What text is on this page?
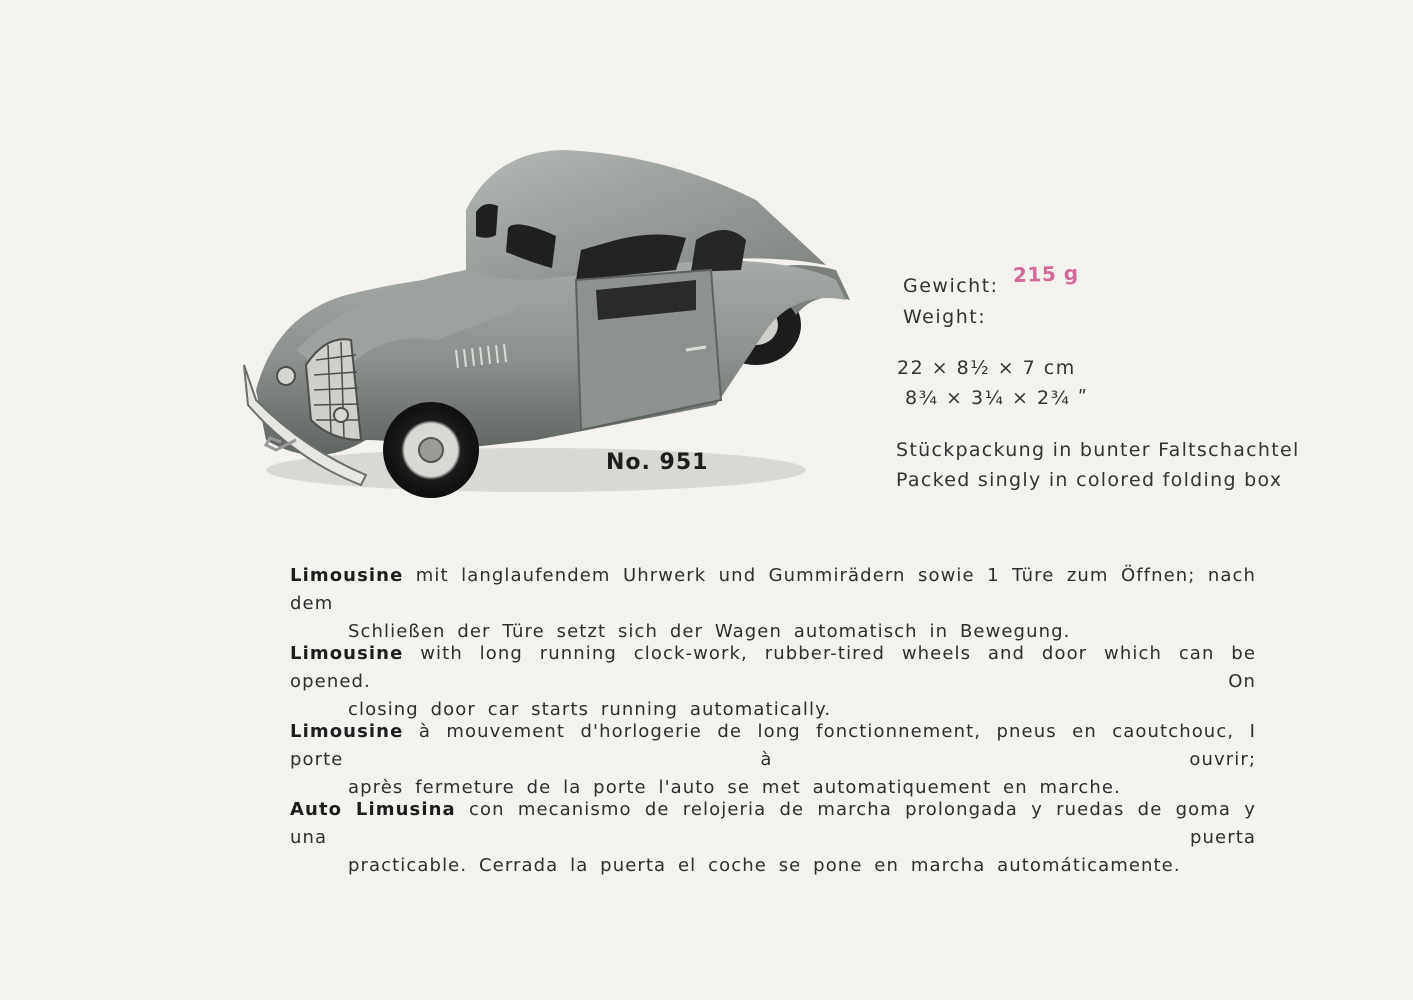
No. 951
Gewicht:
Weight:
215 g
22 × 8½ × 7 cm
8¾ × 3¼ × 2¾ ʺ
Stückpackung in bunter Faltschachtel
Packed singly in colored folding box
Limousine mit langlaufendem Uhrwerk und Gummirädern sowie 1 Türe zum Öffnen; nach dem
Schließen der Türe setzt sich der Wagen automatisch in Bewegung.
Limousine with long running clock-work, rubber-tired wheels and door which can be opened. On
closing door car starts running automatically.
Limousine à mouvement d'horlogerie de long fonctionnement, pneus en caoutchouc, I porte à ouvrir;
après fermeture de la porte l'auto se met automatiquement en marche.
Auto Limusina con mecanismo de relojeria de marcha prolongada y ruedas de goma y una puerta
practicable. Cerrada la puerta el coche se pone en marcha automáticamente.
